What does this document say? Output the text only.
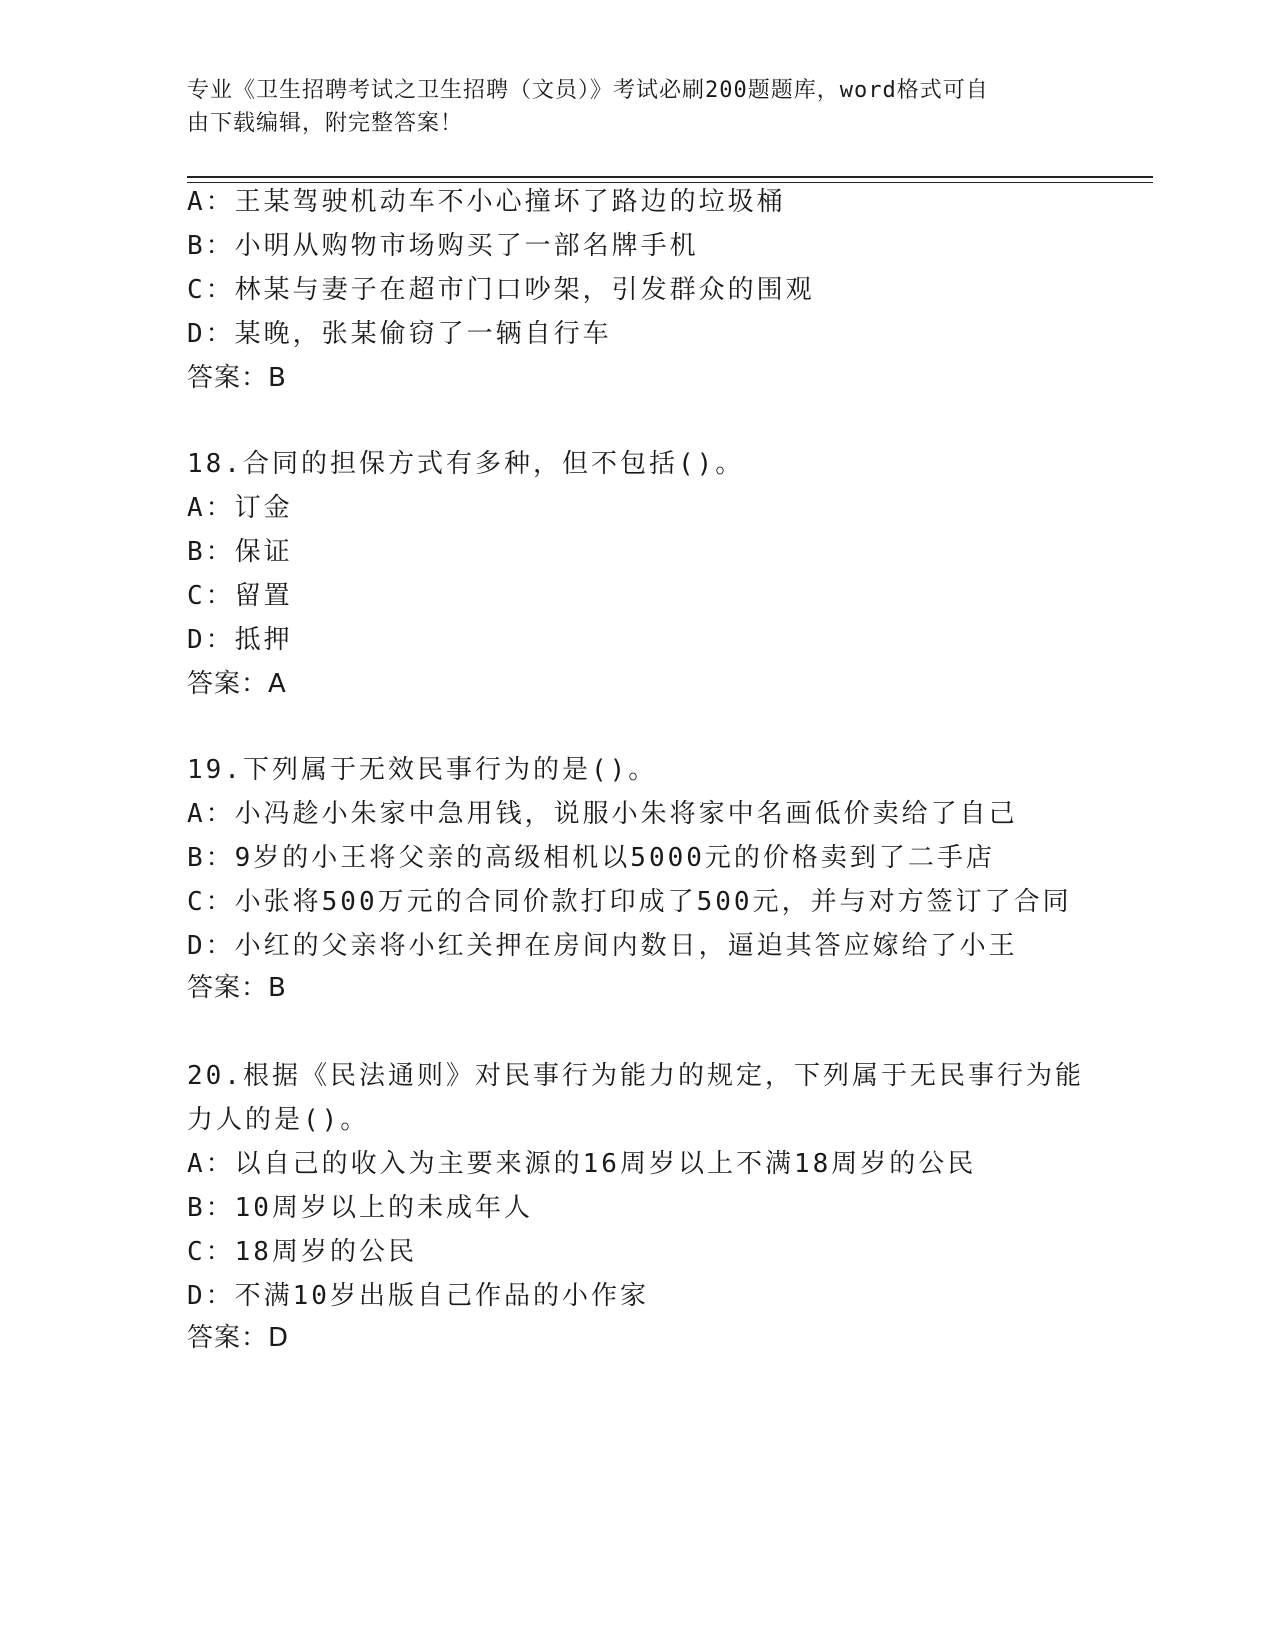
专业《卫生招聘考试之卫生招聘（文员）》考试必刷200题题库，word格式可自
由下载编辑，附完整答案！
A：王某驾驶机动车不小心撞坏了路边的垃圾桶
B：小明从购物市场购买了一部名牌手机
C：林某与妻子在超市门口吵架，引发群众的围观
D：某晚，张某偷窃了一辆自行车
答案：B
18.合同的担保方式有多种，但不包括()。
A：订金
B：保证
C：留置
D：抵押
答案：A
19.下列属于无效民事行为的是()。
A：小冯趁小朱家中急用钱，说服小朱将家中名画低价卖给了自己
B：9岁的小王将父亲的高级相机以5000元的价格卖到了二手店
C：小张将500万元的合同价款打印成了500元，并与对方签订了合同
D：小红的父亲将小红关押在房间内数日，逼迫其答应嫁给了小王
答案：B
20.根据《民法通则》对民事行为能力的规定，下列属于无民事行为能
力人的是()。
A：以自己的收入为主要来源的16周岁以上不满18周岁的公民
B：10周岁以上的未成年人
C：18周岁的公民
D：不满10岁出版自己作品的小作家
答案：D
